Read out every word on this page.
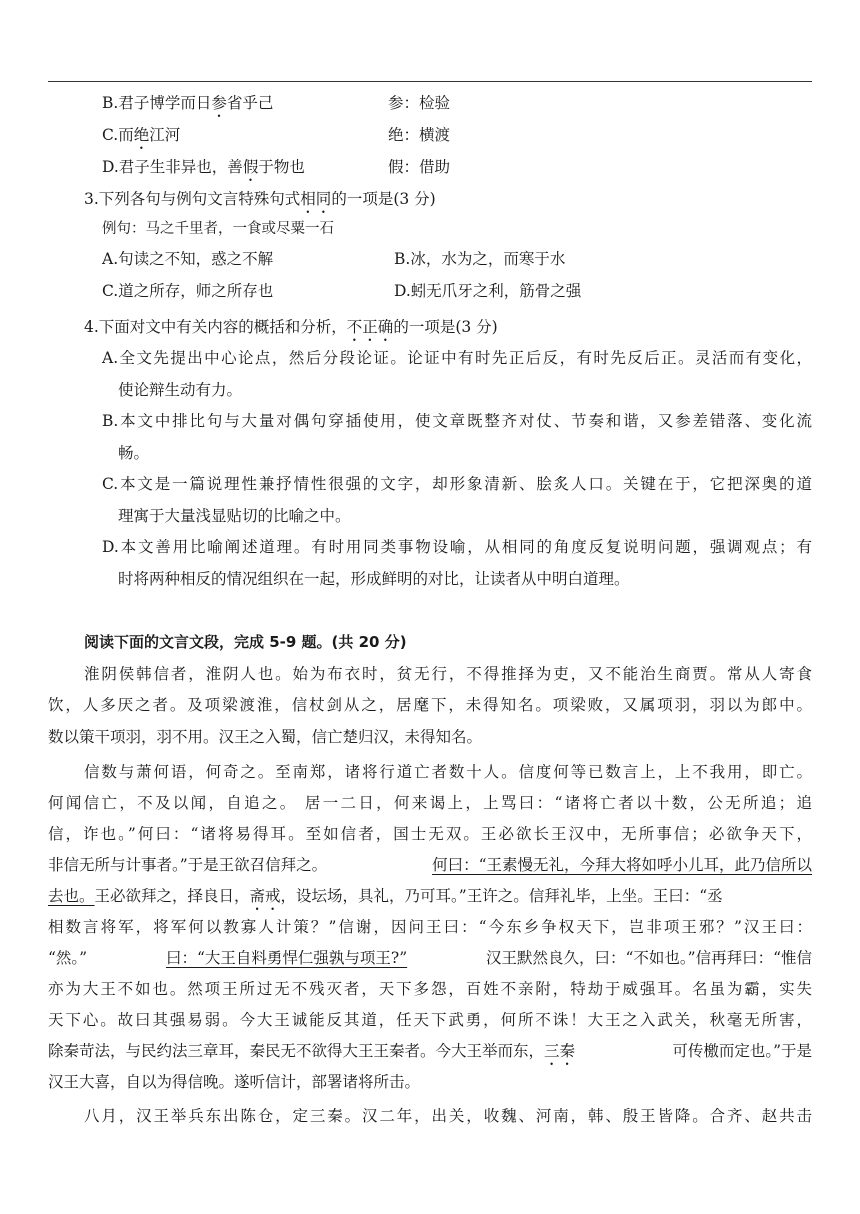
B.君子博学而日参省乎己	参：检验
C.而绝江河	绝：横渡
D.君子生非异也，善假于物也	假：借助
3.下列各句与例句文言特殊句式相同的一项是(3 分)
例句：马之千里者，一食或尽粟一石
A.句读之不知，惑之不解	B.冰，水为之，而寒于水
C.道之所存，师之所存也	D.蚓无爪牙之利，筋骨之强
4.下面对文中有关内容的概括和分析，不正确的一项是(3 分)
A.全文先提出中心论点，然后分段论证。论证中有时先正后反，有时先反后正。灵活而有变化，
使论辩生动有力。
B.本文中排比句与大量对偶句穿插使用，使文章既整齐对仗、节奏和谐，又参差错落、变化流
畅。
C.本文是一篇说理性兼抒情性很强的文字，却形象清新、脍炙人口。关键在于，它把深奥的道
理寓于大量浅显贴切的比喻之中。
D.本文善用比喻阐述道理。有时用同类事物设喻，从相同的角度反复说明问题，强调观点；有
时将两种相反的情况组织在一起，形成鲜明的对比，让读者从中明白道理。
阅读下面的文言文段，完成 5-9 题。(共 20 分)
淮阴侯韩信者，淮阴人也。始为布衣时，贫无行，不得推择为吏，又不能治生商贾。常从人寄食
饮，人多厌之者。及项梁渡淮，信杖剑从之，居麾下，未得知名。项梁败，又属项羽，羽以为郎中。
数以策干项羽，羽不用。汉王之入蜀，信亡楚归汉，未得知名。
信数与萧何语，何奇之。至南郑，诸将行道亡者数十人。信度何等已数言上，上不我用，即亡。
何闻信亡，不及以闻，自追之。 居一二日，何来谒上，上骂曰：“诸将亡者以十数，公无所追；追
信，诈也。”何曰：“诸将易得耳。至如信者，国士无双。王必欲长王汉中，无所事信；必欲争天下，
非信无所与计事者。”于是王欲召信拜之。	何曰：“王素慢无礼，今拜大将如呼小儿耳，此乃信所以
去也。 王必欲拜之，择良日， 斋戒 ，设坛场，具礼，乃可耳。”王许之。信拜礼毕，上坐。王曰：“丞
相数言将军，将军何以教寡人计策？”信谢，因问王曰：“今东乡争权天下，岂非项王邪？”汉王曰：
“然。”	曰：“大王自料勇悍仁强孰与项王?”	汉王默然良久，曰：“不如也。”信再拜曰：“惟信
亦为大王不如也。然项王所过无不残灭者，天下多怨，百姓不亲附，特劫于威强耳。名虽为霸，实失
天下心。故曰其强易弱。今大王诚能反其道，任天下武勇，何所不诛！大王之入武关，秋毫无所害，
除秦苛法，与民约法三章耳，秦民无不欲得大王王秦者。今大王举而东， 三秦	可传檄而定也。”于是
汉王大喜，自以为得信晚。遂听信计，部署诸将所击。
八月，汉王举兵东出陈仓，定三秦。汉二年，出关，收魏、河南，韩、殷王皆降。合齐、赵共击
